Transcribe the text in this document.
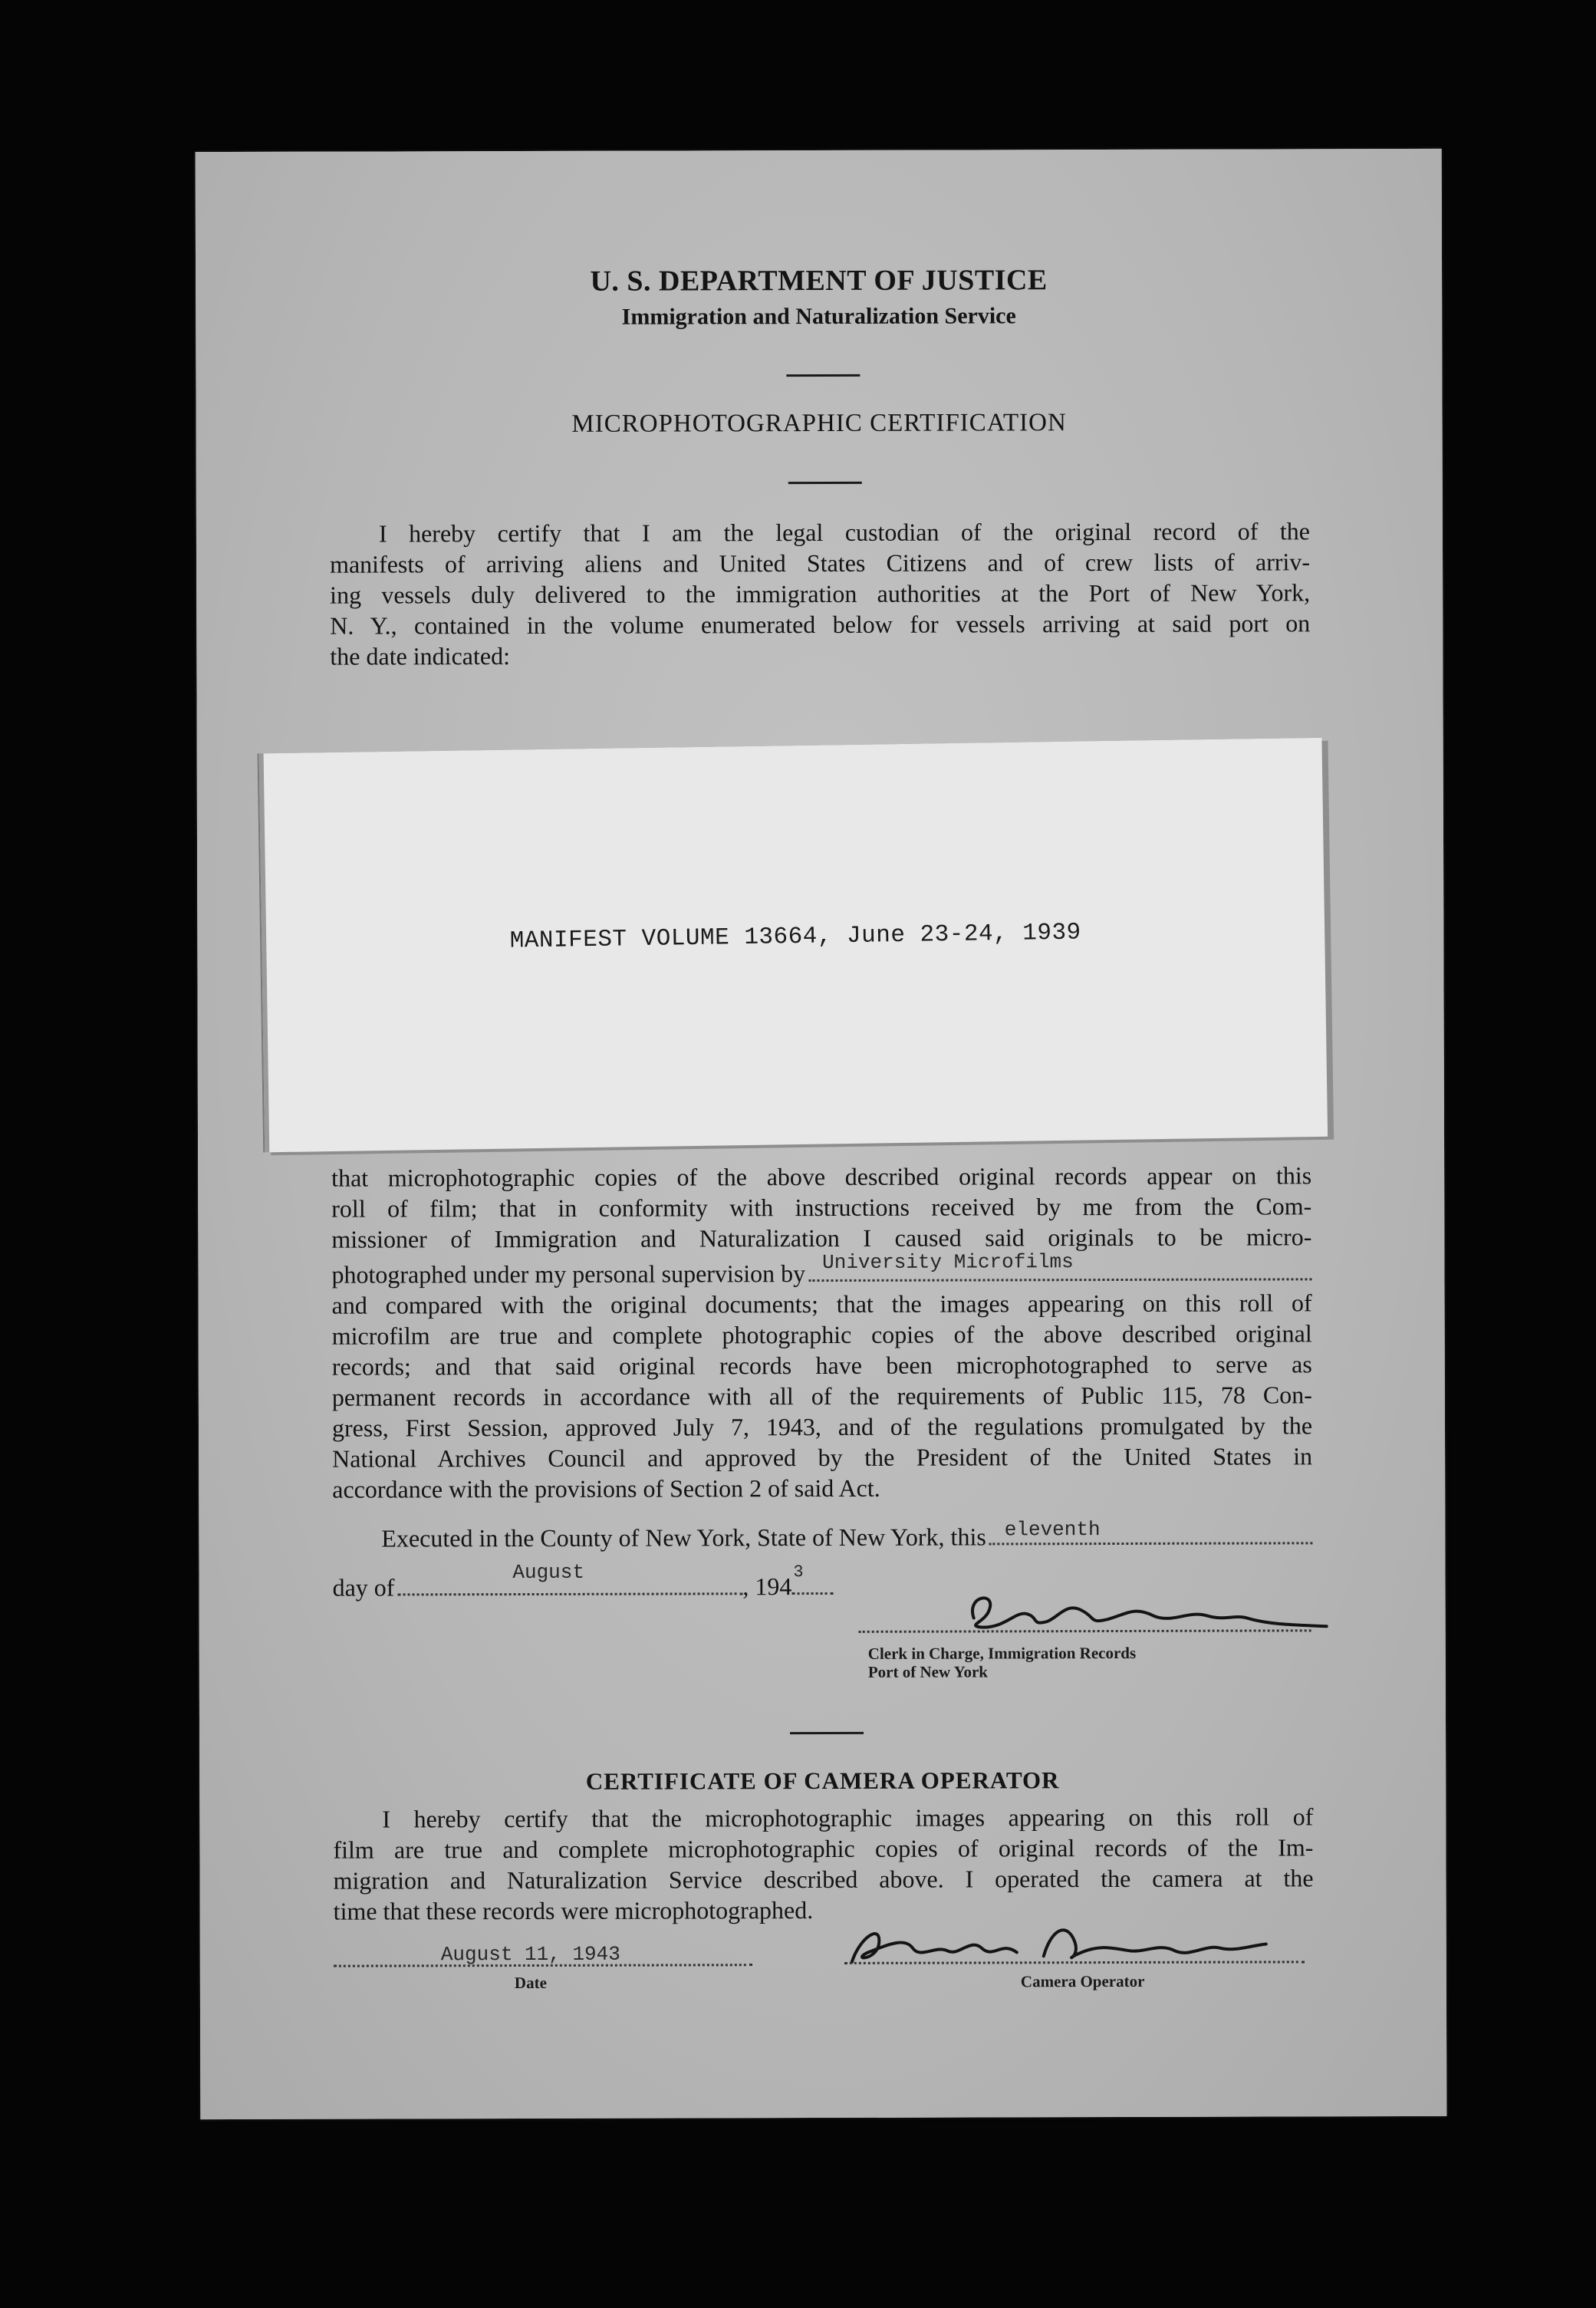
U. S. DEPARTMENT OF JUSTICE
Immigration and Naturalization Service
MICROPHOTOGRAPHIC CERTIFICATION
I hereby certify that I am the legal custodian of the original record of the
manifests of arriving aliens and United States Citizens and of crew lists of arriv-
ing vessels duly delivered to the immigration authorities at the Port of New York,
N. Y., contained in the volume enumerated below for vessels arriving at said port on
the date indicated:
MANIFEST VOLUME 13664, June 23-24, 1939
that microphotographic copies of the above described original records appear on this
roll of film; that in conformity with instructions received by me from the Com-
missioner of Immigration and Naturalization I caused said originals to be micro-
photographed under my personal supervision by University Microfilms
and compared with the original documents; that the images appearing on this roll of
microfilm are true and complete photographic copies of the above described original
records; and that said original records have been microphotographed to serve as
permanent records in accordance with all of the requirements of Public 115, 78 Con-
gress, First Session, approved July 7, 1943, and of the regulations promulgated by the
National Archives Council and approved by the President of the United States in
accordance with the provisions of Section 2 of said Act.
Executed in the County of New York, State of New York, this eleventh
day of
August
, 194
3
Clerk in Charge, Immigration Records
Port of New York
CERTIFICATE OF CAMERA OPERATOR
I hereby certify that the microphotographic images appearing on this roll of
film are true and complete microphotographic copies of original records of the Im-
migration and Naturalization Service described above. I operated the camera at the
time that these records were microphotographed.
August 11, 1943
Date	Camera Operator
